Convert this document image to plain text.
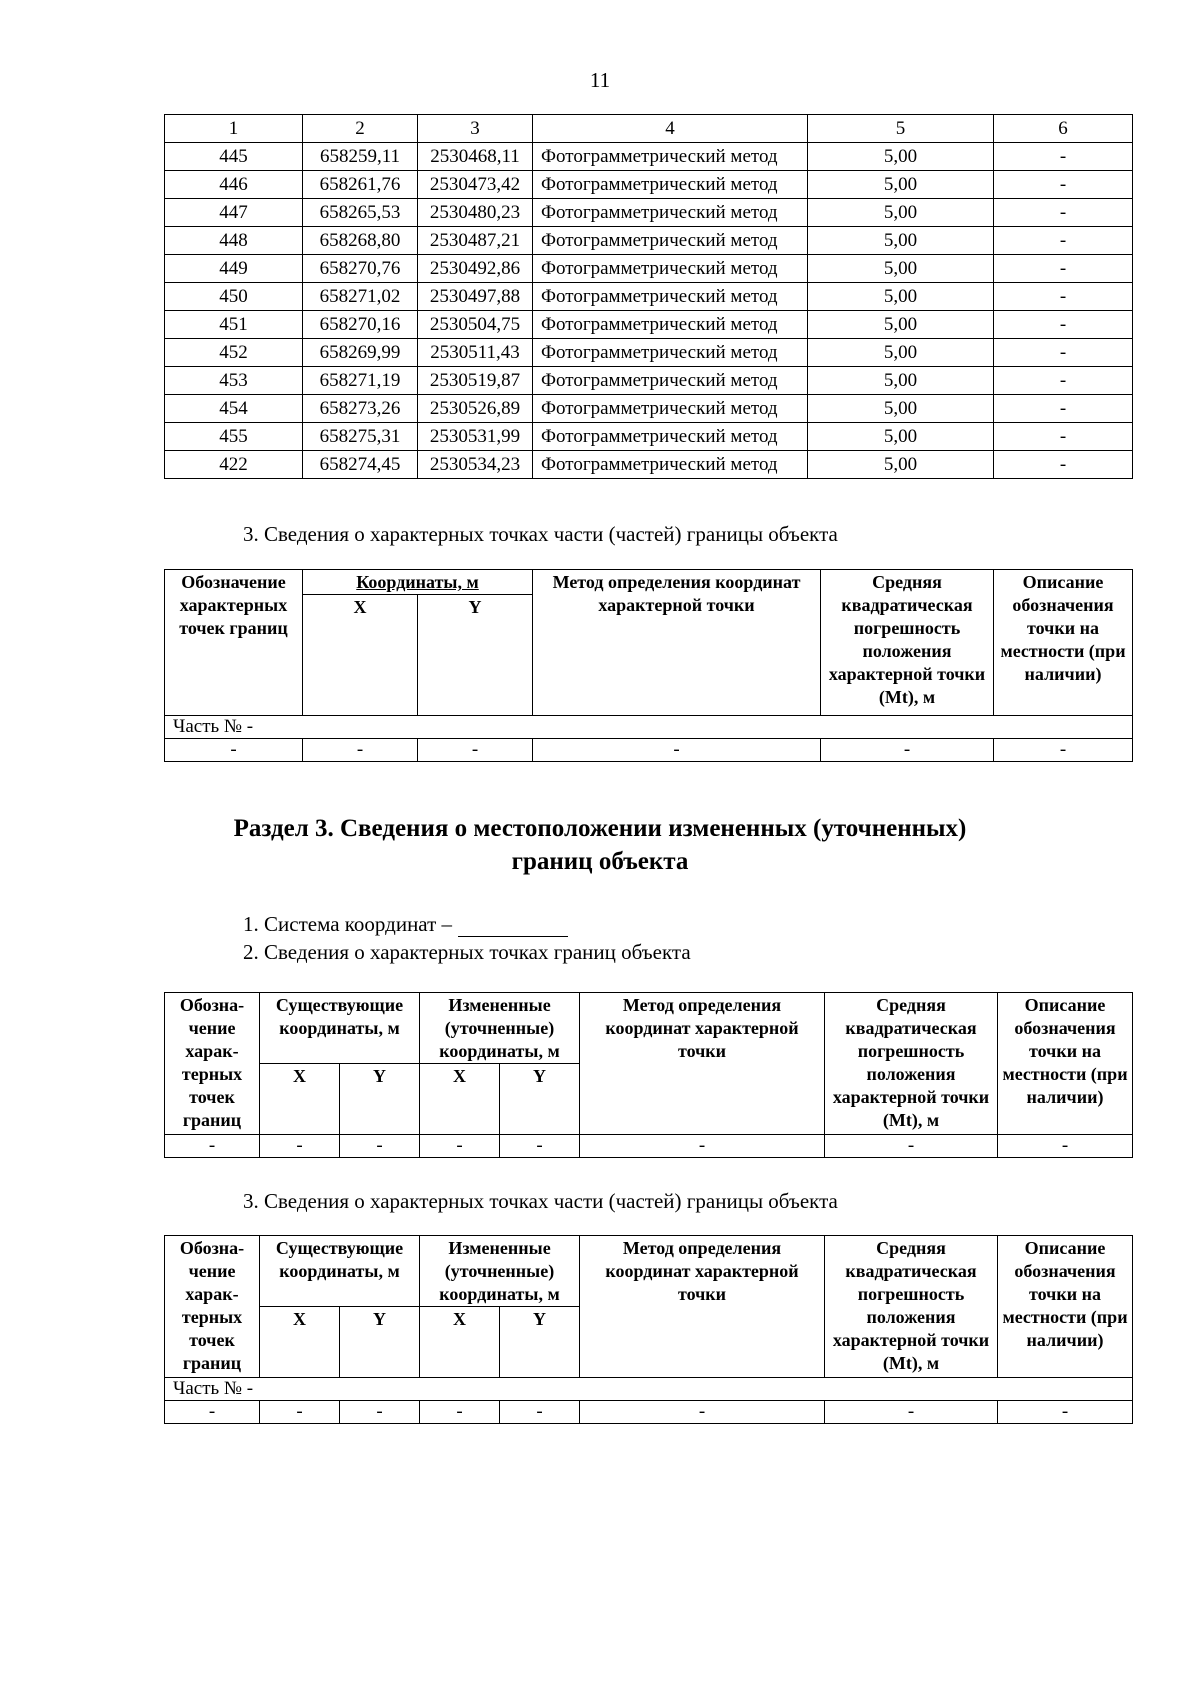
11
1	2	3	4	5	6
445	658259,11	2530468,11	Фотограмметрический метод	5,00	-
446	658261,76	2530473,42	Фотограмметрический метод	5,00	-
447	658265,53	2530480,23	Фотограмметрический метод	5,00	-
448	658268,80	2530487,21	Фотограмметрический метод	5,00	-
449	658270,76	2530492,86	Фотограмметрический метод	5,00	-
450	658271,02	2530497,88	Фотограмметрический метод	5,00	-
451	658270,16	2530504,75	Фотограмметрический метод	5,00	-
452	658269,99	2530511,43	Фотограмметрический метод	5,00	-
453	658271,19	2530519,87	Фотограмметрический метод	5,00	-
454	658273,26	2530526,89	Фотограмметрический метод	5,00	-
455	658275,31	2530531,99	Фотограмметрический метод	5,00	-
422	658274,45	2530534,23	Фотограмметрический метод	5,00	-
3. Сведения о характерных точках части (частей) границы объекта
Обозначение характерных точек границ	Координаты, м		Метод определения координат характерной точки	Средняя квадратическая погрешность положения характерной точки (Mt), м	Описание обозначения точки на местности (при наличии)
	X	Y			
Часть № -					
-	-	-	-	-	-
Раздел 3. Сведения о местоположении измененных (уточненных)
границ объекта
1. Система координат –
2. Сведения о характерных точках границ объекта
Обозна-чение харак-терных точек границ	Существующие координаты, м		Измененные (уточненные) координаты, м		Метод определения координат характерной точки	Средняя квадратическая погрешность положения характерной точки (Mt), м	Описание обозначения точки на местности (при наличии)
	X	Y	X	Y			
-	-	-	-	-	-	-	-
3. Сведения о характерных точках части (частей) границы объекта
Обозна-чение харак-терных точек границ	Существующие координаты, м		Измененные (уточненные) координаты, м		Метод определения координат характерной точки	Средняя квадратическая погрешность положения характерной точки (Mt), м	Описание обозначения точки на местности (при наличии)
	X	Y	X	Y			
Часть № -							
-	-	-	-	-	-	-	-
